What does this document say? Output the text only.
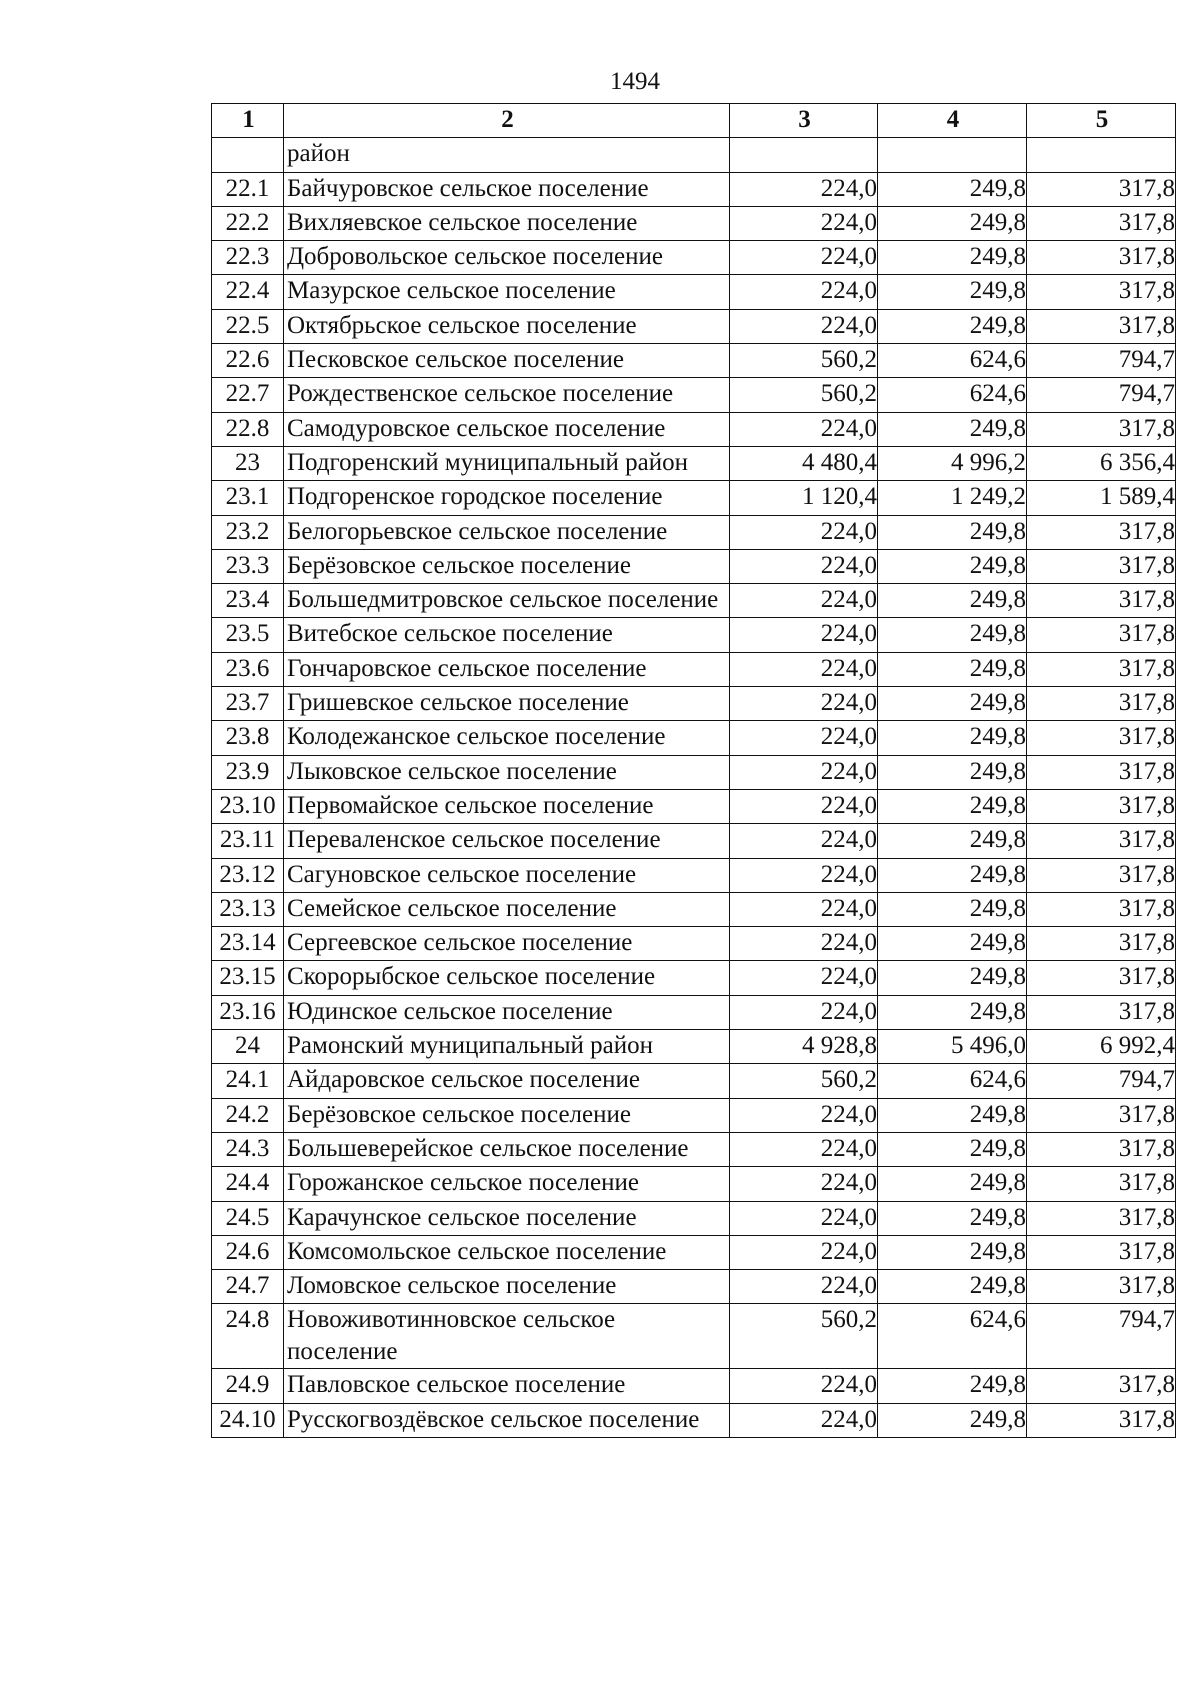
1494
1	2	3	4	5
	район			
22.1	Байчуровское сельское поселение	224,0	249,8	317,8
22.2	Вихляевское сельское поселение	224,0	249,8	317,8
22.3	Добровольское сельское поселение	224,0	249,8	317,8
22.4	Мазурское сельское поселение	224,0	249,8	317,8
22.5	Октябрьское сельское поселение	224,0	249,8	317,8
22.6	Песковское сельское поселение	560,2	624,6	794,7
22.7	Рождественское сельское поселение	560,2	624,6	794,7
22.8	Самодуровское сельское поселение	224,0	249,8	317,8
23	Подгоренский муниципальный район	4 480,4	4 996,2	6 356,4
23.1	Подгоренское городское поселение	1 120,4	1 249,2	1 589,4
23.2	Белогорьевское сельское поселение	224,0	249,8	317,8
23.3	Берёзовское сельское поселение	224,0	249,8	317,8
23.4	Большедмитровское сельское поселение	224,0	249,8	317,8
23.5	Витебское сельское поселение	224,0	249,8	317,8
23.6	Гончаровское сельское поселение	224,0	249,8	317,8
23.7	Гришевское сельское поселение	224,0	249,8	317,8
23.8	Колодежанское сельское поселение	224,0	249,8	317,8
23.9	Лыковское сельское поселение	224,0	249,8	317,8
23.10	Первомайское сельское поселение	224,0	249,8	317,8
23.11	Переваленское сельское поселение	224,0	249,8	317,8
23.12	Сагуновское сельское поселение	224,0	249,8	317,8
23.13	Семейское сельское поселение	224,0	249,8	317,8
23.14	Сергеевское сельское поселение	224,0	249,8	317,8
23.15	Скорорыбское сельское поселение	224,0	249,8	317,8
23.16	Юдинское сельское поселение	224,0	249,8	317,8
24	Рамонский муниципальный район	4 928,8	5 496,0	6 992,4
24.1	Айдаровское сельское поселение	560,2	624,6	794,7
24.2	Берёзовское сельское поселение	224,0	249,8	317,8
24.3	Большеверейское сельское поселение	224,0	249,8	317,8
24.4	Горожанское сельское поселение	224,0	249,8	317,8
24.5	Карачунское сельское поселение	224,0	249,8	317,8
24.6	Комсомольское сельское поселение	224,0	249,8	317,8
24.7	Ломовское сельское поселение	224,0	249,8	317,8
24.8	Новоживотинновское сельское поселение	560,2	624,6	794,7
24.9	Павловское сельское поселение	224,0	249,8	317,8
24.10	Русскогвоздёвское сельское поселение	224,0	249,8	317,8
